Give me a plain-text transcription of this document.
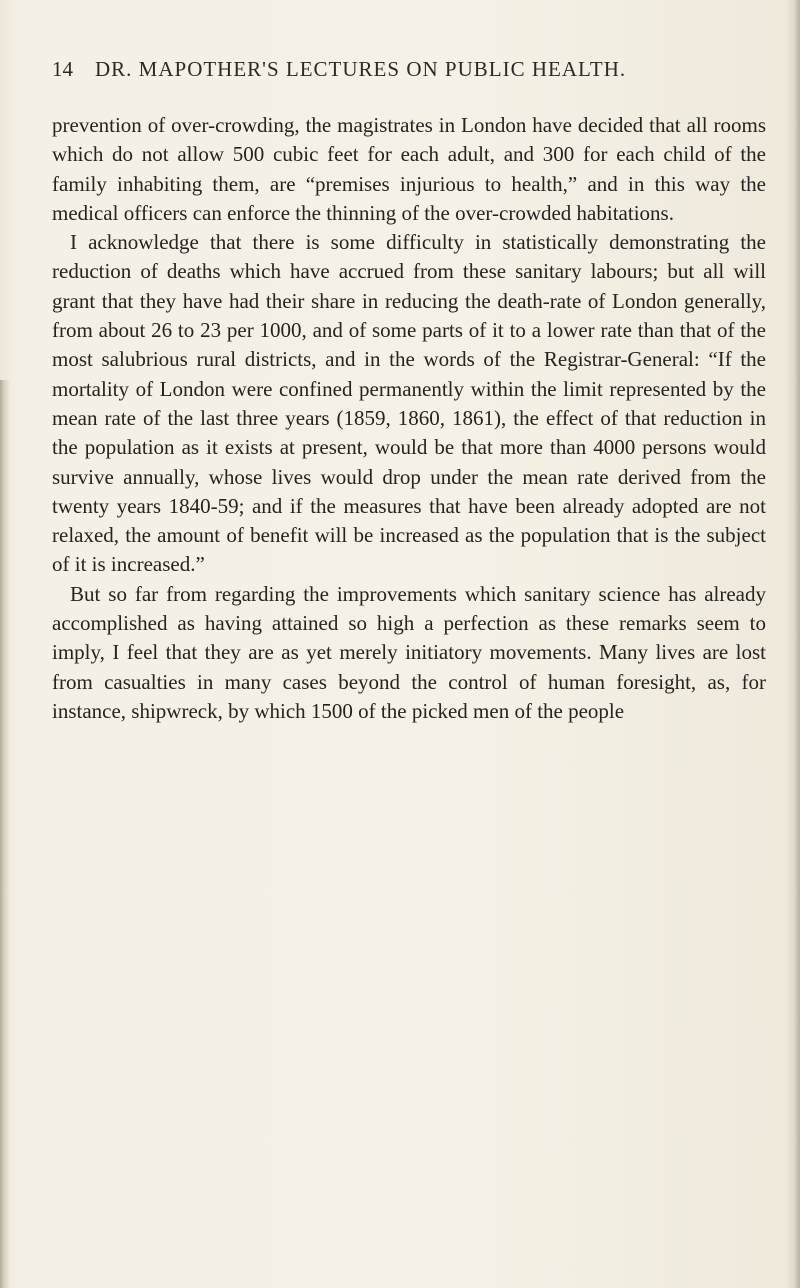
14 DR. MAPOTHER'S LECTURES ON PUBLIC HEALTH.

prevention of over-crowding, the magistrates in London have decided that all rooms which do not allow 500 cubic feet for each adult, and 300 for each child of the family inhabiting them, are “premises injurious to health,” and in this way the medical officers can enforce the thinning of the over-crowded habitations.

I acknowledge that there is some difficulty in statistically demonstrating the reduction of deaths which have accrued from these sanitary labours; but all will grant that they have had their share in reducing the death-rate of London generally, from about 26 to 23 per 1000, and of some parts of it to a lower rate than that of the most salubrious rural districts, and in the words of the Registrar-General: “If the mortality of London were confined permanently within the limit represented by the mean rate of the last three years (1859, 1860, 1861), the effect of that reduction in the population as it exists at present, would be that more than 4000 persons would survive annually, whose lives would drop under the mean rate derived from the twenty years 1840-59; and if the measures that have been already adopted are not relaxed, the amount of benefit will be increased as the population that is the subject of it is increased.”

But so far from regarding the improvements which sanitary science has already accomplished as having attained so high a perfection as these remarks seem to imply, I feel that they are as yet merely initiatory movements. Many lives are lost from casualties in many cases beyond the control of human foresight, as, for instance, shipwreck, by which 1500 of the picked men of the people
